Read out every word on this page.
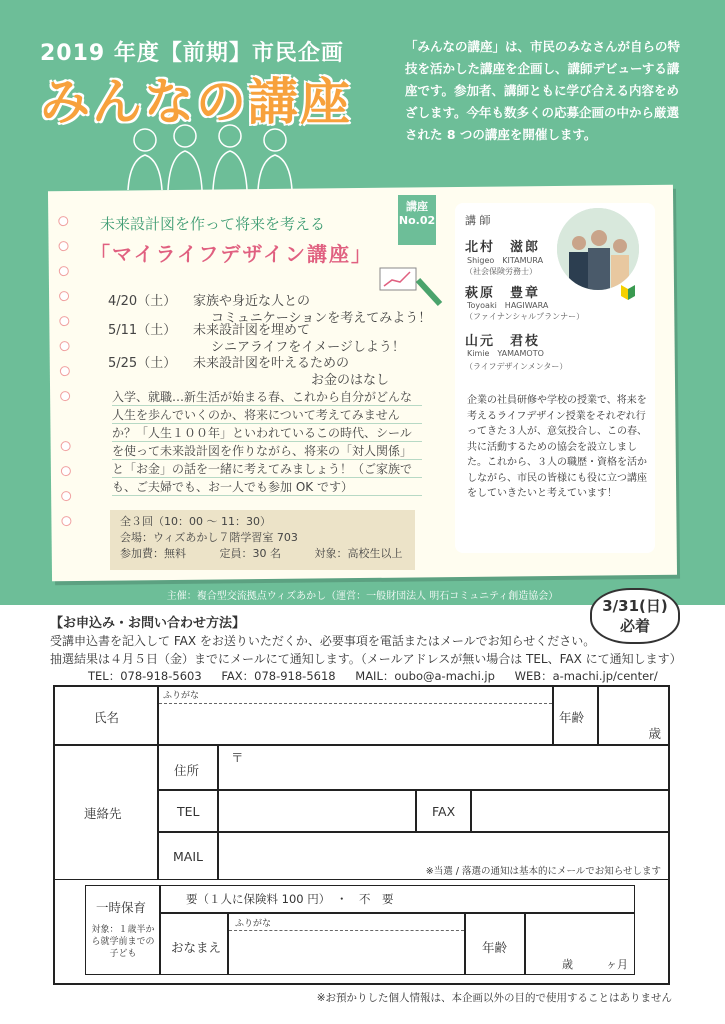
2019 年度【前期】市民企画
みんなの講座
「みんなの講座」は、市民のみなさんが自らの特技を活かした講座を企画し、講師デビューする講座です。参加者、講師ともに学び合える内容をめざします。今年も数多くの応募企画の中から厳選された 8 つの講座を開催します。
講座
No.02
未来設計図を作って将来を考える
「マイライフデザイン講座」
4/20（土）	家族や身近な人との
コミュニケーションを考えてみよう！
5/11（土）	未来設計図を埋めて
シニアライフをイメージしよう！
5/25（土）	未来設計図を叶えるための
お金のはなし
入学、就職…新生活が始まる春、これから自分がどんな人生を歩んでいくのか、将来について考えてみませんか？「人生１００年」といわれているこの時代、シールを使って未来設計図を作りながら、将来の「対人関係」と「お金」の話を一緒に考えてみましょう！（ご家族でも、ご夫婦でも、お一人でも参加 OK です）
全３回（10：00 〜 11：30）
会場：ウィズあかし７階学習室 703
参加費：無料	定員：30 名	対象：高校生以上
講 師
北村　滋郎
Shigeo　KITAMURA
（社会保険労務士）
萩原　豊章
Toyoaki　HAGIWARA
（ファイナンシャルプランナー）
山元　君枝
Kimie　YAMAMOTO
（ライフデザインメンター）
企業の社員研修や学校の授業で、将来を考えるライフデザイン授業をそれぞれ行ってきた３人が、意気投合し、この春、共に活動するための協会を設立しました。これから、３人の職歴・資格を活かしながら、市民の皆様にも役に立つ講座をしていきたいと考えています！
主催：複合型交流拠点ウィズあかし（運営：一般財団法人 明石コミュニティ創造協会）
3/31(日)
必着
【お申込み・お問い合わせ方法】
受講申込書を記入して FAX をお送りいただくか、必要事項を電話またはメールでお知らせください。
抽選結果は４月５日（金）までにメールにて通知します。（メールアドレスが無い場合は TEL、FAX にて通知します）
TEL：078-918-5603 FAX：078-918-5618 MAIL：oubo@a-machi.jp WEB：a-machi.jp/center/
氏名
ふりがな
年齢
歳
連絡先
住所
〒
TEL	FAX
MAIL
※当選 / 落選の通知は基本的にメールでお知らせします
一時保育
対象：１歳半から就学前までの子ども
要（１人に保険料 100 円）　・　不　要
おなまえ
ふりがな
年齢
歳　　　ヶ月
※お預かりした個人情報は、本企画以外の目的で使用することはありません
